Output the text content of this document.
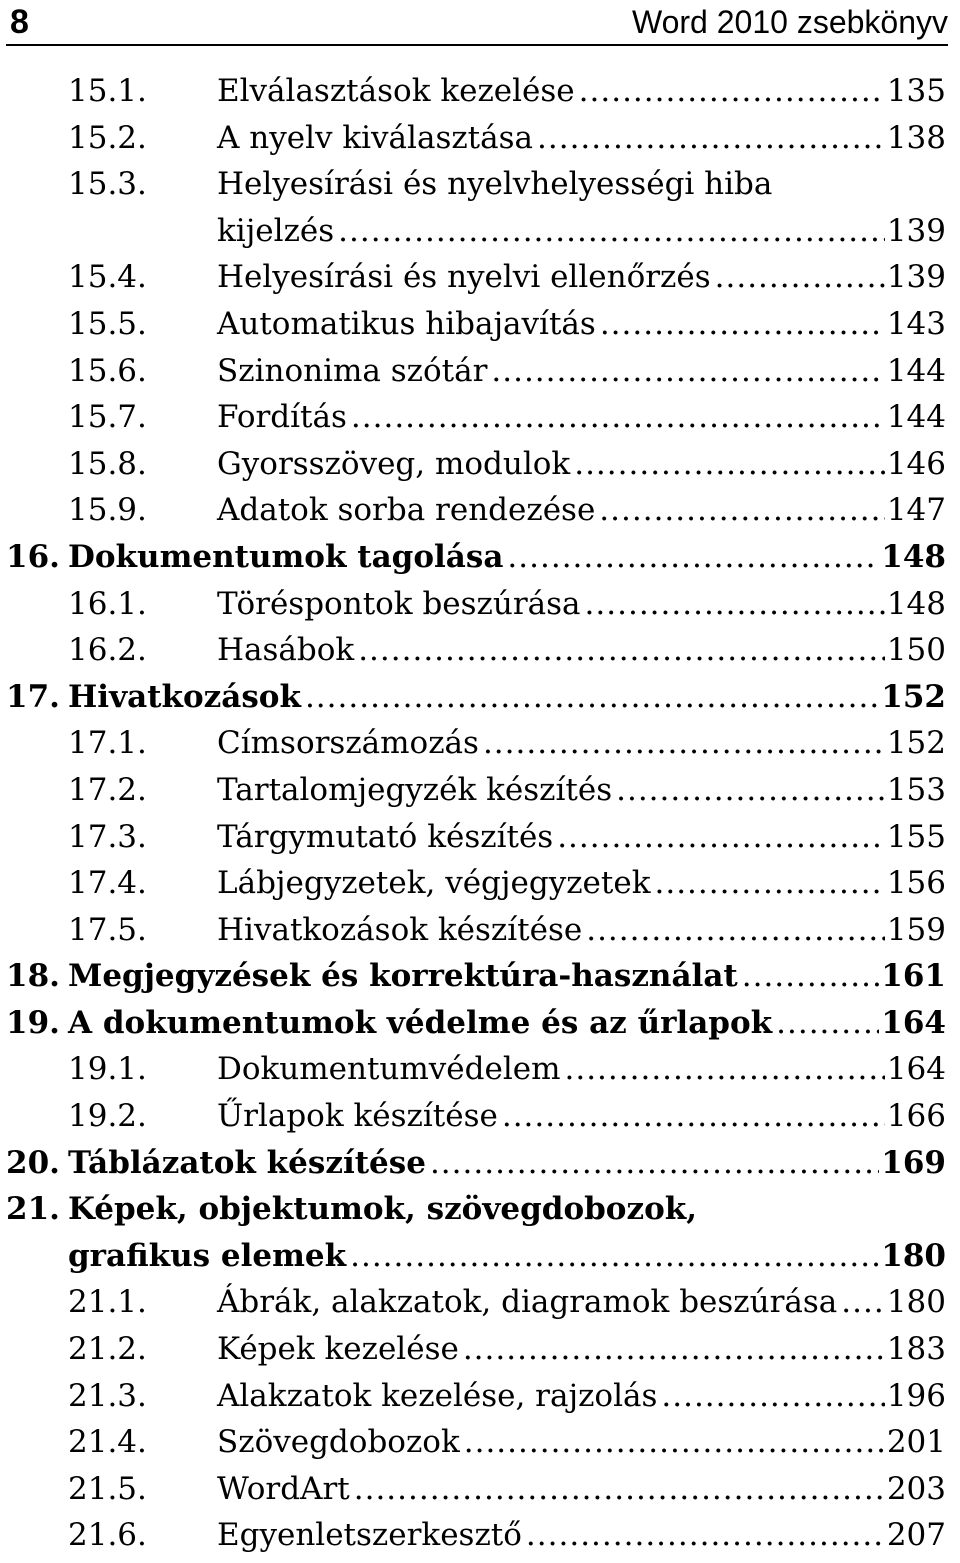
8	Word 2010 zsebkönyv
15.1. Elválasztások kezelése .....	135
15.2. A nyelv kiválasztása .....	138
15.3. Helyesírási és nyelvhelyességi hiba
kijelzés .....	139
15.4. Helyesírási és nyelvi ellenőrzés .....	139
15.5. Automatikus hibajavítás .....	143
15.6. Szinonima szótár .....	144
15.7. Fordítás .....	144
15.8. Gyorsszöveg, modulok .....	146
15.9. Adatok sorba rendezése .....	147
16. Dokumentumok tagolása .....	148
16.1. Töréspontok beszúrása .....	148
16.2. Hasábok .....	150
17. Hivatkozások .....	152
17.1. Címsorszámozás .....	152
17.2. Tartalomjegyzék készítés .....	153
17.3. Tárgymutató készítés .....	155
17.4. Lábjegyzetek, végjegyzetek .....	156
17.5. Hivatkozások készítése .....	159
18. Megjegyzések és korrektúra-használat .....	161
19. A dokumentumok védelme és az űrlapok .....	164
19.1. Dokumentumvédelem .....	164
19.2. Űrlapok készítése .....	166
20. Táblázatok készítése .....	169
21. Képek, objektumok, szövegdobozok,
grafikus elemek .....	180
21.1. Ábrák, alakzatok, diagramok beszúrása ..... 180
21.2. Képek kezelése .....	183
21.3. Alakzatok kezelése, rajzolás .....	196
21.4. Szövegdobozok .....	201
21.5. WordArt .....	203
21.6. Egyenletszerkesztő .....	207
